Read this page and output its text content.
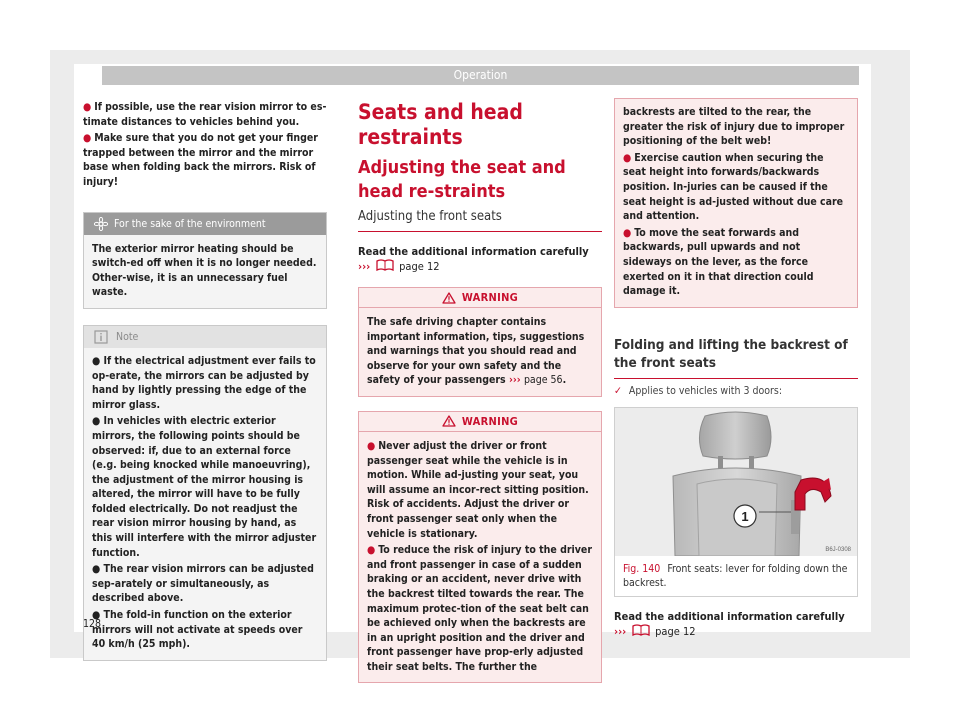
Operation

● If possible, use the rear vision mirror to es-timate distances to vehicles behind you.

● Make sure that you do not get your finger trapped between the mirror and the mirror base when folding back the mirrors. Risk of injury!

For the sake of the environment
The exterior mirror heating should be switch-ed off when it is no longer needed. Other-wise, it is an unnecessary fuel waste.
Note

● If the electrical adjustment ever fails to op-erate, the mirrors can be adjusted by hand by lightly pressing the edge of the mirror glass.

● In vehicles with electric exterior mirrors, the following points should be observed: if, due to an external force (e.g. being knocked while manoeuvring), the adjustment of the mirror housing is altered, the mirror will have to be fully folded electrically. Do not readjust the rear vision mirror housing by hand, as this will interfere with the mirror adjuster function.

● The rear vision mirrors can be adjusted sep-arately or simultaneously, as described above.

● The fold-in function on the exterior mirrors will not activate at speeds over 40 km/h (25 mph).

Seats and head restraints
Adjusting the seat and head re-straints
Adjusting the front seats
Read the additional information carefully
›››	page 12
WARNING
The safe driving chapter contains important information, tips, suggestions and warnings that you should read and observe for your own safety and the safety of your passengers ››› page 56.
WARNING

● Never adjust the driver or front passenger seat while the vehicle is in motion. While ad-justing your seat, you will assume an incor-rect sitting position. Risk of accidents. Adjust the driver or front passenger seat only when the vehicle is stationary.

● To reduce the risk of injury to the driver and front passenger in case of a sudden braking or an accident, never drive with the backrest tilted towards the rear. The maximum protec-tion of the seat belt can be achieved only when the backrests are in an upright position and the driver and front passenger have prop-erly adjusted their seat belts. The further the

backrests are tilted to the rear, the greater the risk of injury due to improper positioning of the belt web!

● Exercise caution when securing the seat height into forwards/backwards position. In-juries can be caused if the seat height is ad-justed without due care and attention.

● To move the seat forwards and backwards, pull upwards and not sideways on the lever, as the force exerted on it in that direction could damage it.

Folding and lifting the backrest of the front seats
✓ Applies to vehicles with 3 doors:
1
B6J-0308
Fig. 140 Front seats: lever for folding down the backrest.
Read the additional information carefully
›››	page 12
128
